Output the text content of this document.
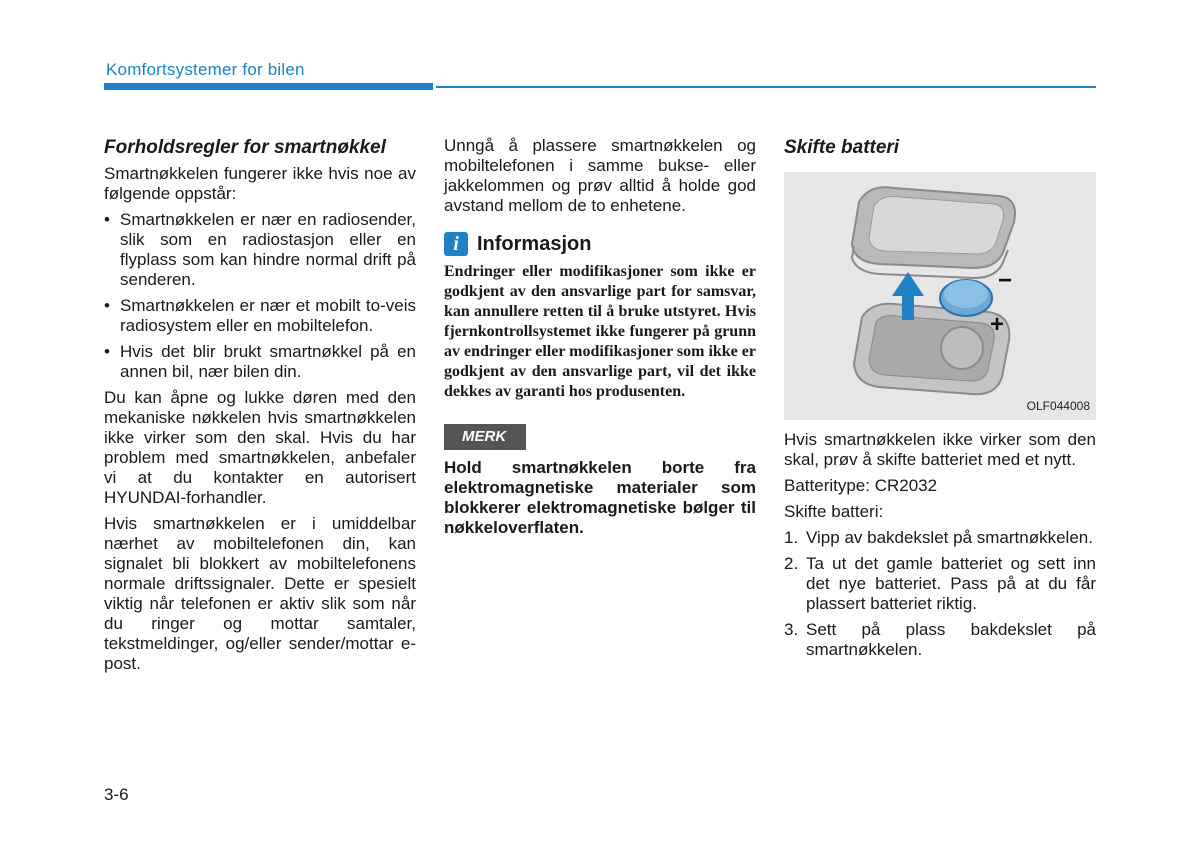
Komfortsystemer for bilen
Forholdsregler for smartnøkkel

Smartnøkkelen fungerer ikke hvis noe av følgende oppstår:

• Smartnøkkelen er nær en radiosender, slik som en radiostasjon eller en flyplass som kan hindre normal drift på senderen.
• Smartnøkkelen er nær et mobilt to-veis radiosystem eller en mobiltelefon.
• Hvis det blir brukt smartnøkkel på en annen bil, nær bilen din.

Du kan åpne og lukke døren med den mekaniske nøkkelen hvis smartnøkkelen ikke virker som den skal. Hvis du har problem med smartnøkkelen, anbefaler vi at du kontakter en autorisert HYUNDAI-forhandler.

Hvis smartnøkkelen er i umiddelbar nærhet av mobiltelefonen din, kan signalet bli blokkert av mobiltelefonens normale driftssignaler. Dette er spesielt viktig når telefonen er aktiv slik som når du ringer og mottar samtaler, tekstmeldinger, og/eller sender/mottar e-post.

Unngå å plassere smartnøkkelen og mobiltelefonen i samme bukse- eller jakkelommen og prøv alltid å holde god avstand mellom de to enhetene.

i Informasjon

Endringer eller modifikasjoner som ikke er godkjent av den ansvarlige part for samsvar, kan annullere retten til å bruke utstyret. Hvis fjernkontrollsystemet ikke fungerer på grunn av endringer eller modifikasjoner som ikke er godkjent av den ansvarlige part, vil det ikke dekkes av garanti hos produsenten.

MERK

Hold smartnøkkelen borte fra elektromagnetiske materialer som blokkerer elektromagnetiske bølger til nøkkeloverflaten.

Skifte batteri
−
+
OLF044008

Hvis smartnøkkelen ikke virker som den skal, prøv å skifte batteriet med et nytt.

Batteritype: CR2032

Skifte batteri:

1. Vipp av bakdekslet på smartnøkkelen.
2. Ta ut det gamle batteriet og sett inn det nye batteriet. Pass på at du får plassert batteriet riktig.
3. Sett på plass bakdekslet på smartnøkkelen.
3-6
